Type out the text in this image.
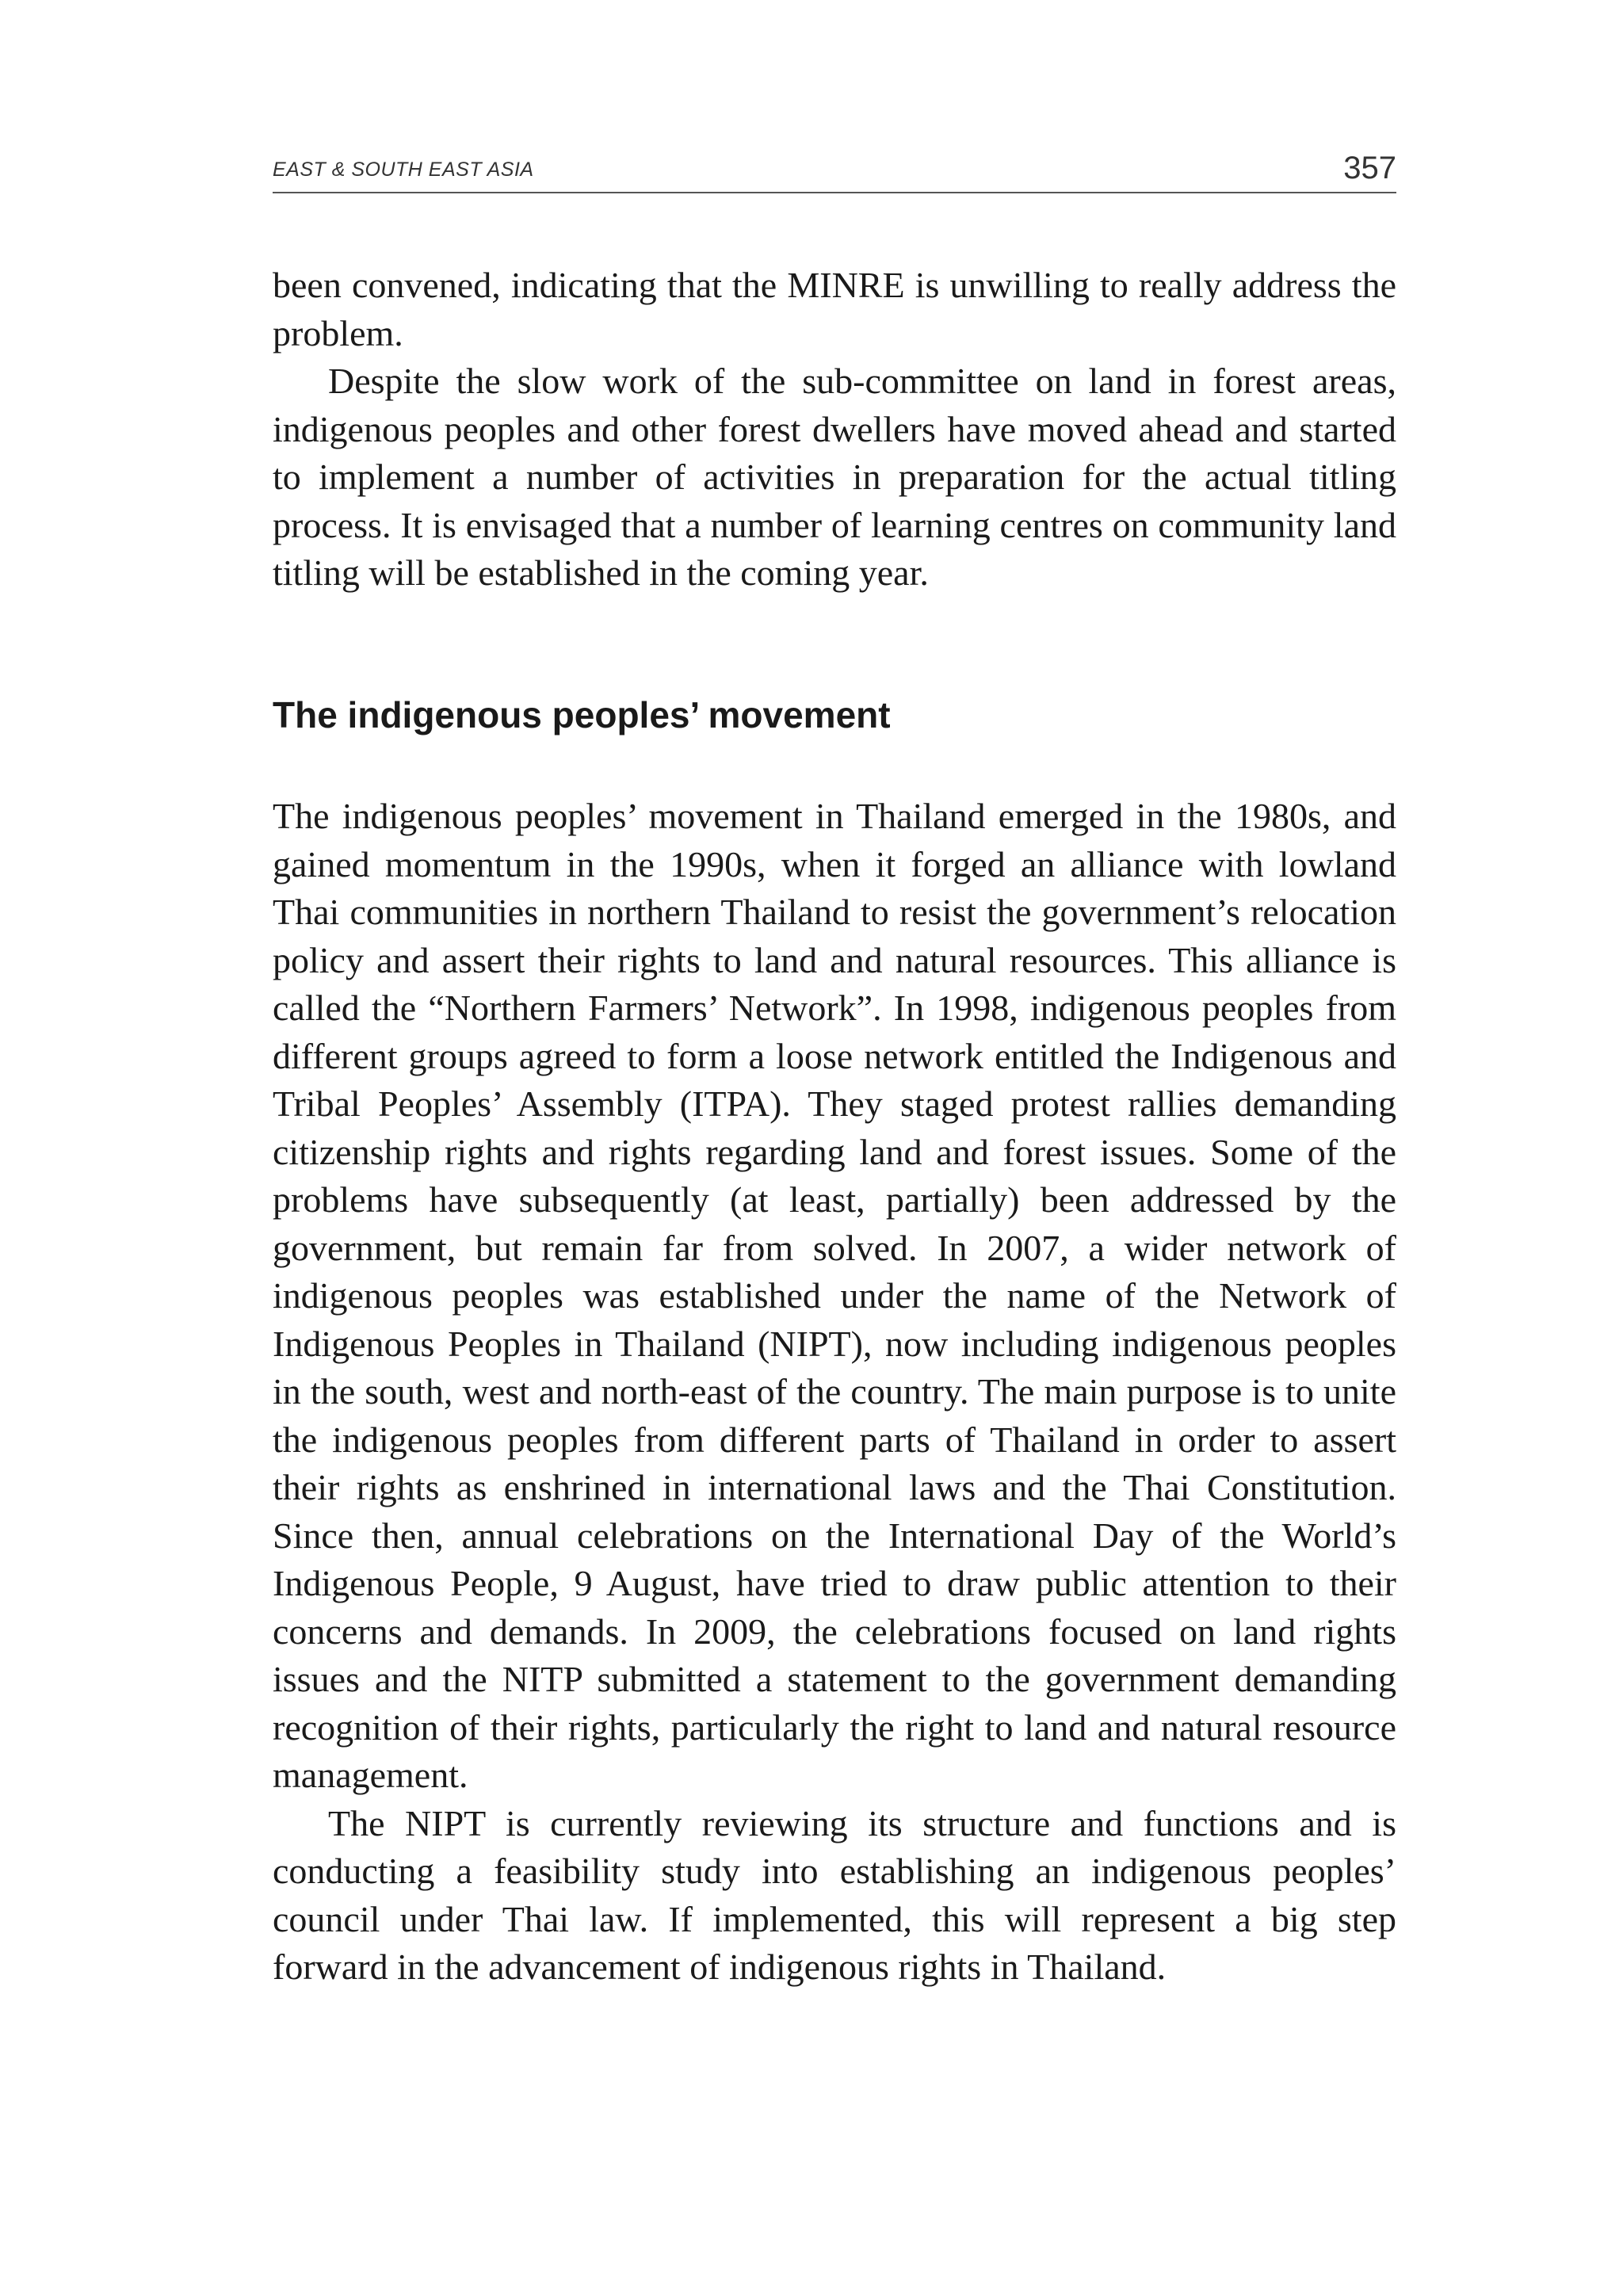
EAST & SOUTH EAST ASIA	357

been convened, indicating that the MINRE is unwilling to really address the problem.

Despite the slow work of the sub-committee on land in forest areas, indigenous peoples and other forest dwellers have moved ahead and started to implement a number of activities in preparation for the actual titling process. It is envisaged that a number of learning centres on community land titling will be established in the coming year.

The indigenous peoples’ movement

The indigenous peoples’ movement in Thailand emerged in the 1980s, and gained momentum in the 1990s, when it forged an alliance with lowland Thai communities in northern Thailand to resist the government’s relocation policy and assert their rights to land and natural resources. This alliance is called the “Northern Farmers’ Network”. In 1998, indigenous peoples from different groups agreed to form a loose network entitled the Indigenous and Tribal Peoples’ Assembly (ITPA). They staged protest rallies demanding citizenship rights and rights regarding land and forest issues. Some of the problems have subsequently (at least, partially) been addressed by the government, but remain far from solved. In 2007, a wider network of indigenous peoples was established under the name of the Network of Indigenous Peoples in Thailand (NIPT), now including indigenous peoples in the south, west and north-east of the country. The main purpose is to unite the indigenous peoples from different parts of Thailand in order to assert their rights as enshrined in international laws and the Thai Constitution. Since then, annual celebrations on the International Day of the World’s Indigenous People, 9 August, have tried to draw public attention to their concerns and demands. In 2009, the celebrations focused on land rights issues and the NITP submitted a statement to the government demanding recognition of their rights, particularly the right to land and natural resource management.

The NIPT is currently reviewing its structure and functions and is conducting a feasibility study into establishing an indigenous peoples’ council under Thai law. If implemented, this will represent a big step forward in the advancement of indigenous rights in Thailand.
